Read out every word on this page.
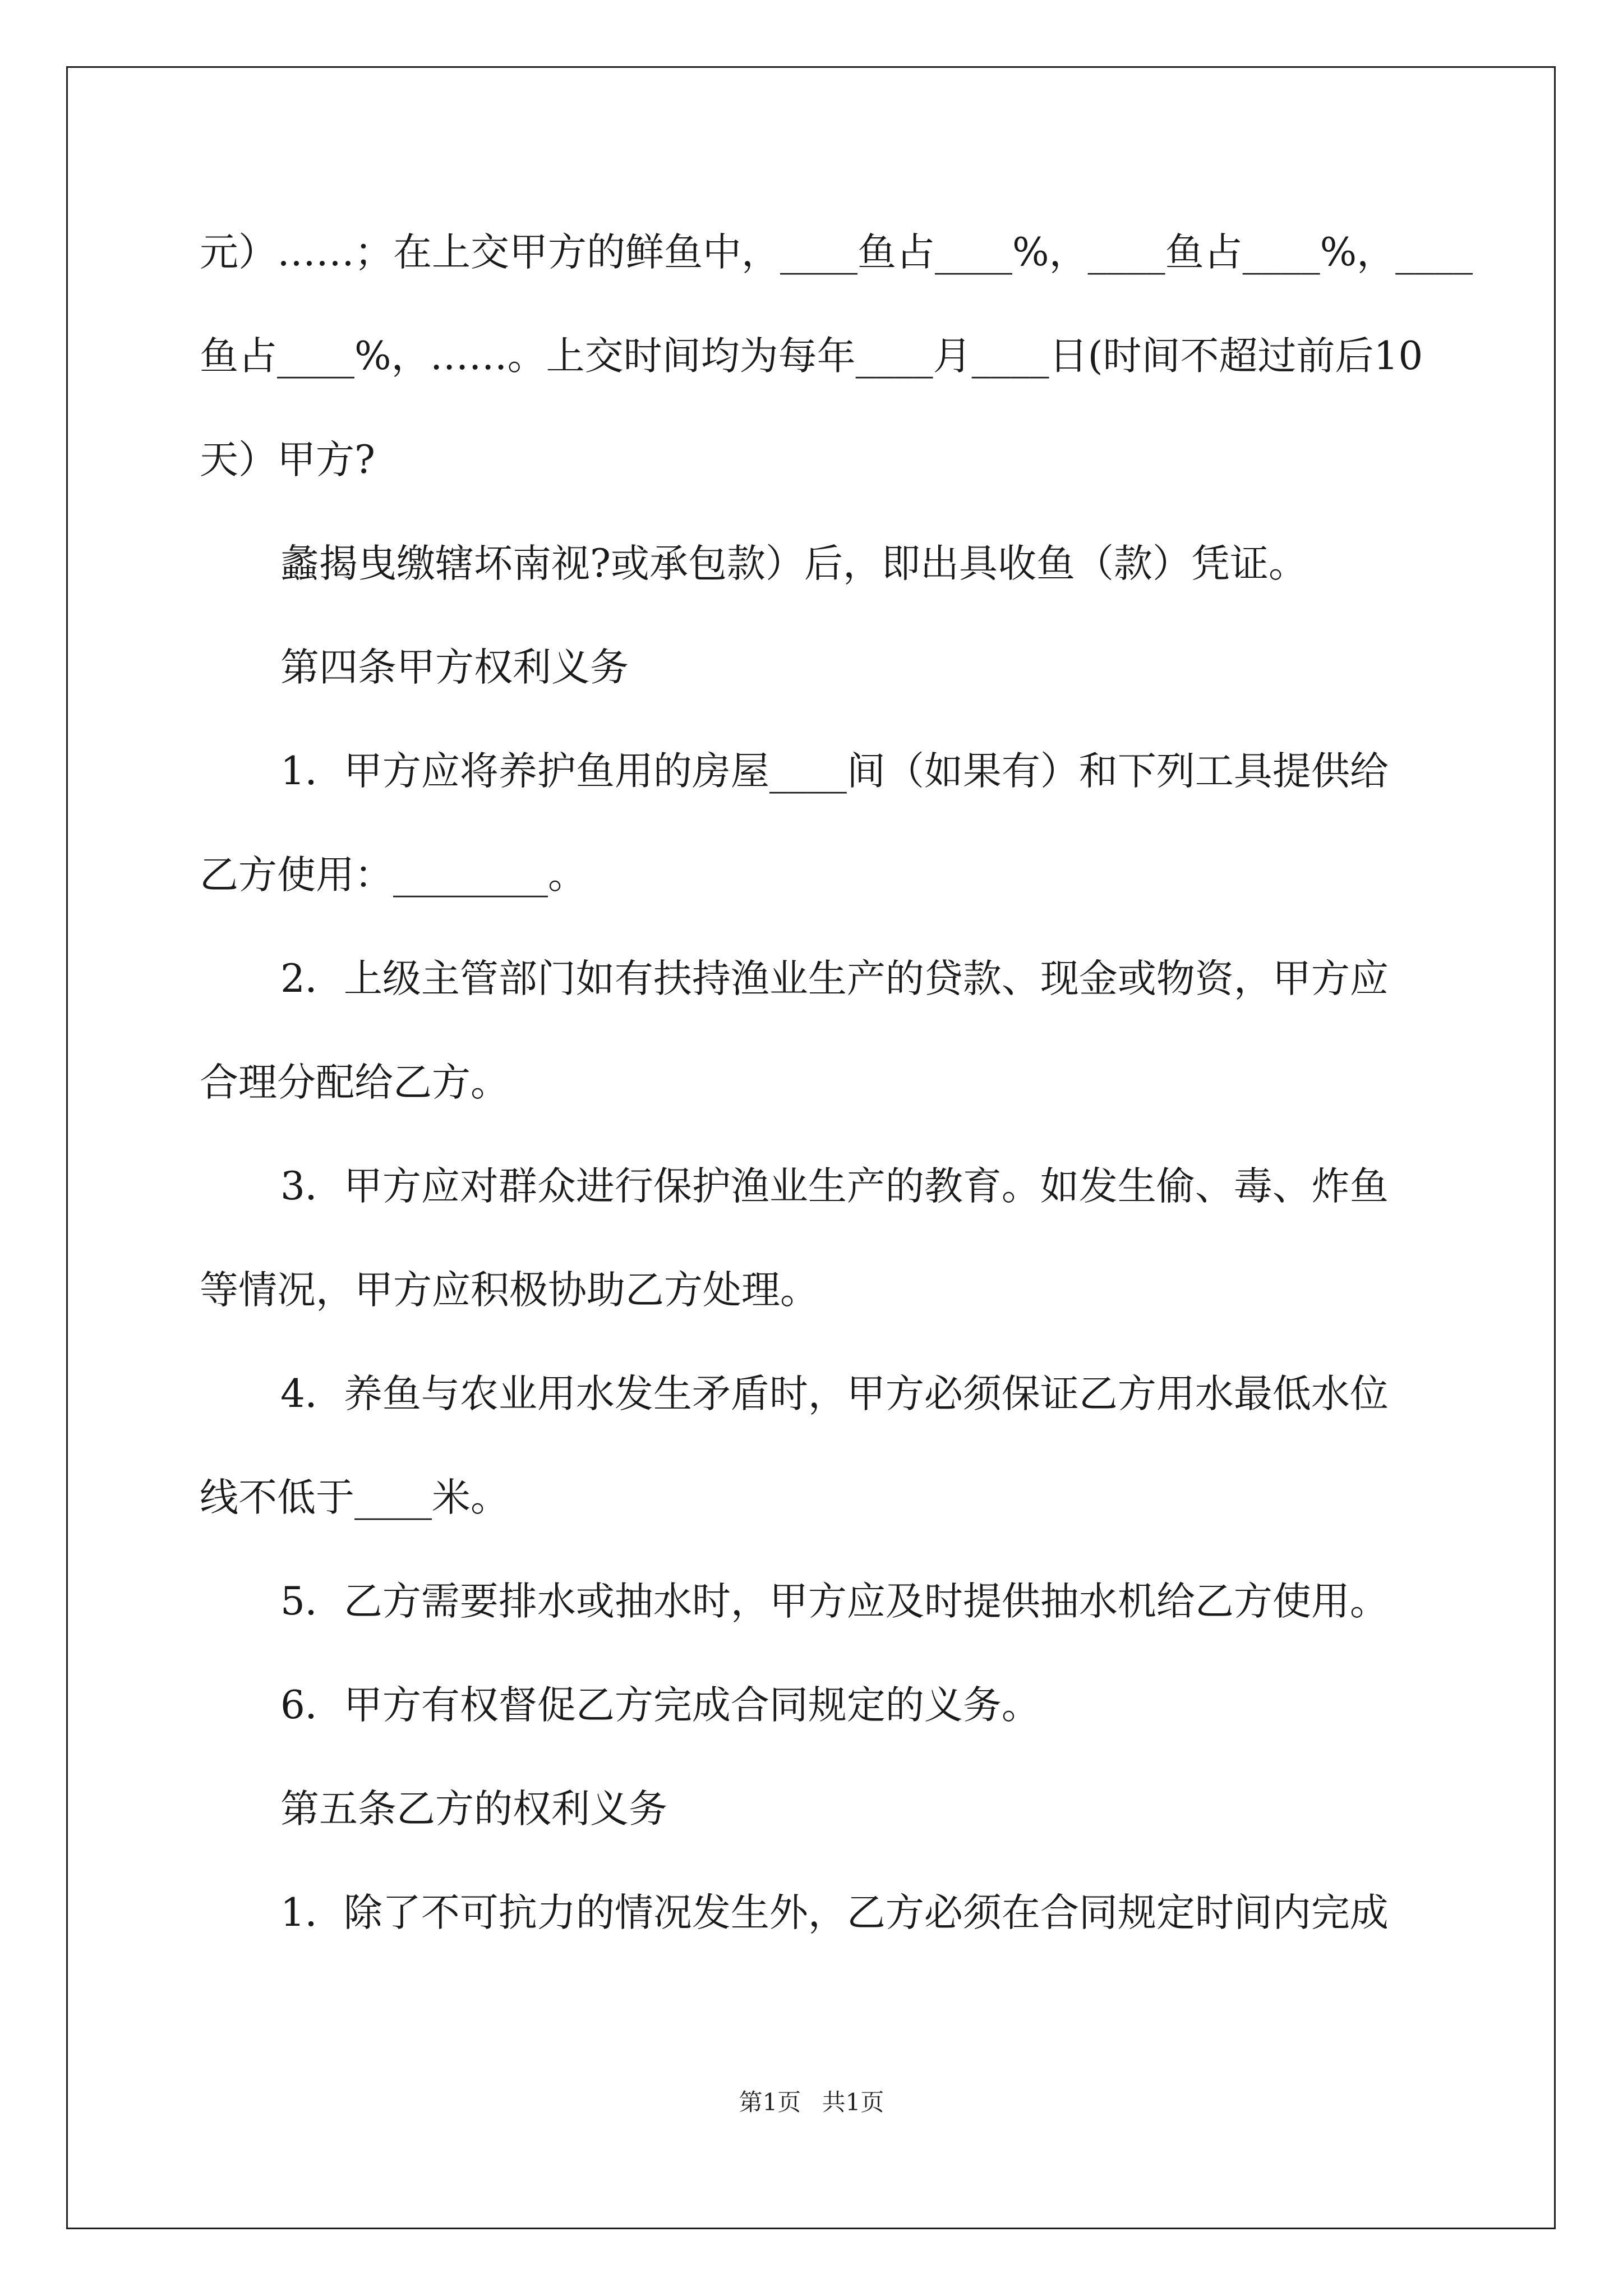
元）……；在上交甲方的鲜鱼中，____鱼占____%，____鱼占____%，____
鱼占____%，……。上交时间均为每年____月____日(时间不超过前后10
天）甲方?
蠡揭曳缴辖坏南视?或承包款）后，即出具收鱼（款）凭证。
第四条甲方权利义务
1．甲方应将养护鱼用的房屋____间（如果有）和下列工具提供给
乙方使用：________。
2．上级主管部门如有扶持渔业生产的贷款、现金或物资，甲方应
合理分配给乙方。
3．甲方应对群众进行保护渔业生产的教育。如发生偷、毒、炸鱼
等情况，甲方应积极协助乙方处理。
4．养鱼与农业用水发生矛盾时，甲方必须保证乙方用水最低水位
线不低于____米。
5．乙方需要排水或抽水时，甲方应及时提供抽水机给乙方使用。
6．甲方有权督促乙方完成合同规定的义务。
第五条乙方的权利义务
1．除了不可抗力的情况发生外，乙方必须在合同规定时间内完成
第1页 共1页
